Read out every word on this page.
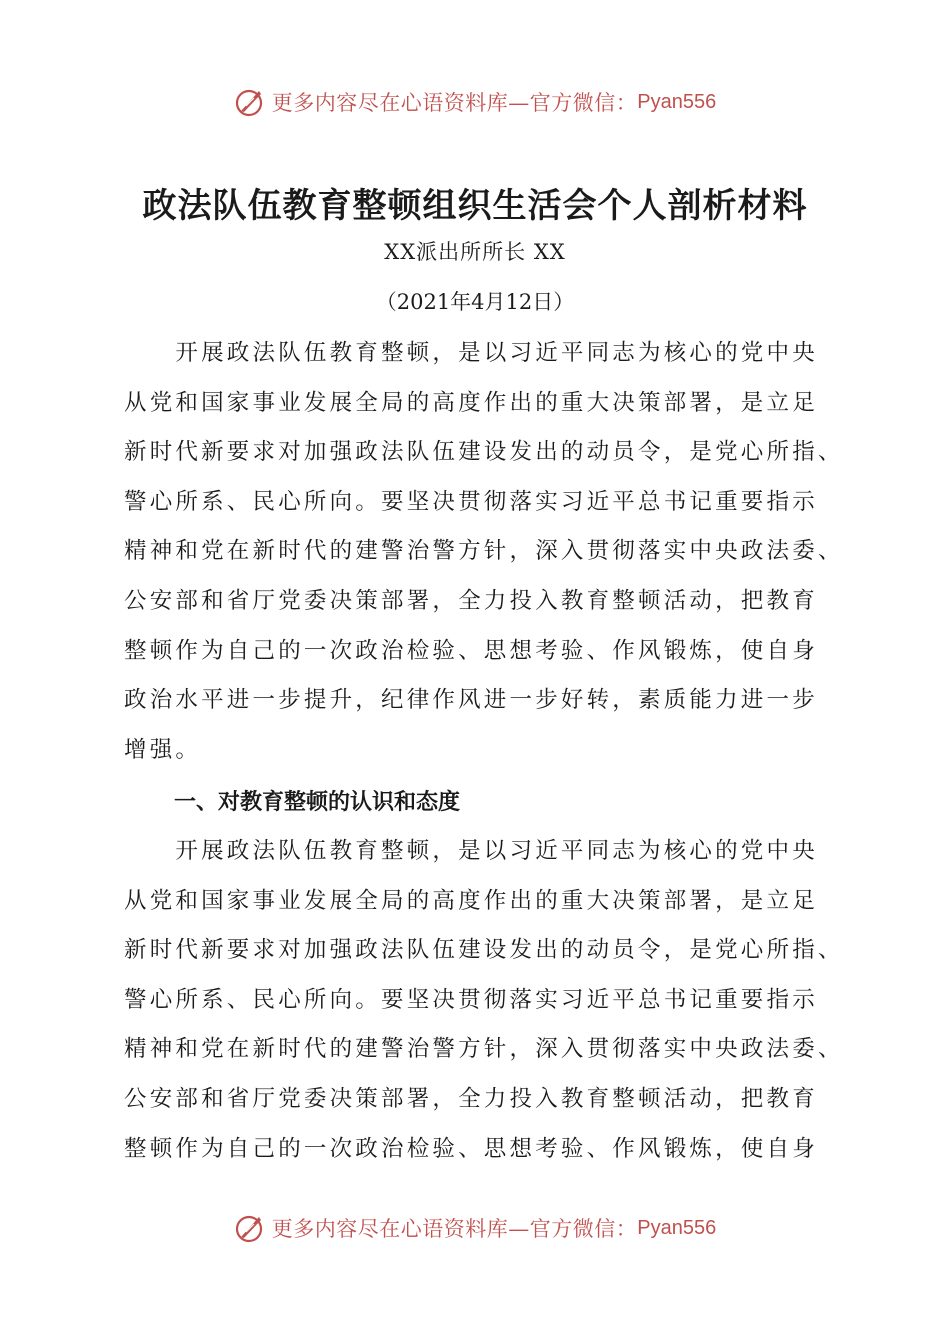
更多内容尽在心语资料库—官方微信： Pyan556
政法队伍教育整顿组织生活会个人剖析材料
XX派出所所长 XX
（2021年4月12日）
　　开展政法队伍教育整顿，是以习近平同志为核心的党中央
从党和国家事业发展全局的高度作出的重大决策部署，是立足
新时代新要求对加强政法队伍建设发出的动员令，是党心所指、
警心所系、民心所向。要坚决贯彻落实习近平总书记重要指示
精神和党在新时代的建警治警方针，深入贯彻落实中央政法委、
公安部和省厅党委决策部署，全力投入教育整顿活动，把教育
整顿作为自己的一次政治检验、思想考验、作风锻炼，使自身
政治水平进一步提升，纪律作风进一步好转，素质能力进一步
增强。
一、对教育整顿的认识和态度
　　开展政法队伍教育整顿，是以习近平同志为核心的党中央
从党和国家事业发展全局的高度作出的重大决策部署，是立足
新时代新要求对加强政法队伍建设发出的动员令，是党心所指、
警心所系、民心所向。要坚决贯彻落实习近平总书记重要指示
精神和党在新时代的建警治警方针，深入贯彻落实中央政法委、
公安部和省厅党委决策部署，全力投入教育整顿活动，把教育
整顿作为自己的一次政治检验、思想考验、作风锻炼，使自身
更多内容尽在心语资料库—官方微信： Pyan556
